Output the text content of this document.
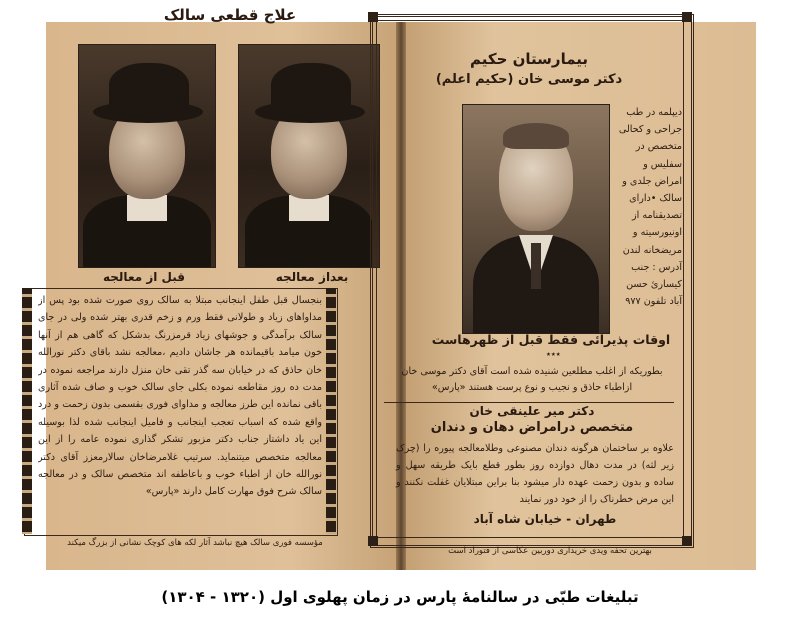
علاج قطعی سالک
قبل از معالجه	بعداز معالجه
بنجسال قبل طفل اینجانب مبتلا به سالک روی صورت شده بود پس از مداواهای زیاد و طولانی فقط ورم و زخم قدری بهتر شده ولی در جای سالک برآمدگی و جوشهای زیاد قرمزرنگ بدشکل که گاهی هم از آنها خون میامد باقیمانده هر جاشان دادیم ،معالجه نشد باقای دکتر نورالله خان حاذق که در خیابان سه گذر تقی خان منزل دارند مراجعه نموده در مدت ده روز مقاطعه نموده بکلی جای سالک خوب و صاف شده آثاری باقی نمانده این طرز معالجه و مداوای فوری بقسمی بدون زحمت و درد واقع شده که اسباب تعجب اینجانب و فامیل اینجانب شده لذا بوسیله این یاد داشتاز جناب دکتر مزبور تشکر گذاری نموده عامه را از این معالجه متخصص میتنماید. سرتیپ غلامرضاخان سالارمعزز آقای دکتر نورالله خان از اطباء خوب و باعاطفه اند متخصص سالک و در معالجه سالک شرح فوق مهارت کامل دارند «پارس»
مؤسسه فوری سالک هیچ نباشد آثار لکه های کوچک نشانی از بزرگ میکند
بیمارستان حکیم
دکتر موسی خان (حکیم اعلم)
دیپلمه در طب جراحی و کحالی متخصص در سفلیس و امراض جلدی و سالک •دارای تصدیقنامه از اونیورسیته و مریضخانه لندن آدرس : جنب کیسارئ حسن آباد تلفون ۹۷۷
اوقات پذیرائی فقط قبل از ظهرهاست
٭٭٭
بطوریکه از اغلب مطلعین شنیده شده است آقای دکتر موسی خان ازاطباء حاذق و نجیب و نوع پرست هستند «پارس»
دکتر میر علینقی خان
متخصص درامراض دهان و دندان
علاوه بر ساختمان هرگونه دندان مصنوعی وطلامعالجه پیوره را (چرک زیر لثه) در مدت دهال دوازده روز بطور قطع بایک طریقه سهل و ساده و بدون زحمت عهده دار میشود بنا براین مبتلایان غفلت نکنند و این مرض خطرناک را از خود دور نمایند
طهران - خیابان شاه آباد
بهترین تحفه ویدی خریداری دوربین عکاسی از فتوراد است
تبلیغات طبّی در سالنامۀ پارس در زمان پهلوی اول (۱۳۲۰ - ۱۳۰۴)
